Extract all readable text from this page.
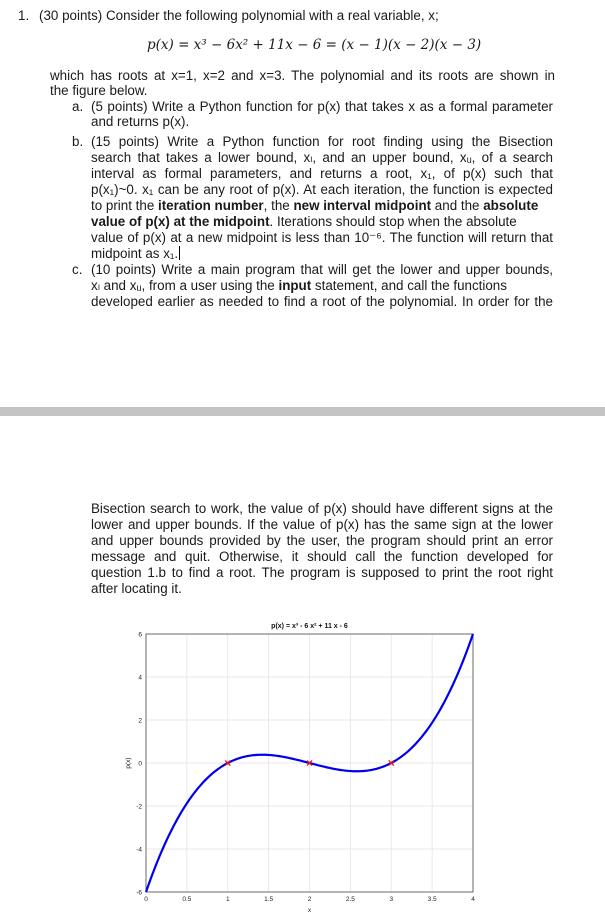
1. (30 points) Consider the following polynomial with a real variable, x;
p(x) = x³ − 6x² + 11x − 6 = (x − 1)(x − 2)(x − 3)
which has roots at x=1, x=2 and x=3. The polynomial and its roots are shown in
the figure below.
a. (5 points) Write a Python function for p(x) that takes x as a formal parameter
and returns p(x).
b. (15 points) Write a Python function for root finding using the Bisection
search that takes a lower bound, xₗ, and an upper bound, xᵤ, of a search
interval as formal parameters, and returns a root, x₁, of p(x) such that
p(x₁)~0. x₁ can be any root of p(x). At each iteration, the function is expected
to print the iteration number, the new interval midpoint and the absolute
value of p(x) at the midpoint. Iterations should stop when the absolute
value of p(x) at a new midpoint is less than 10⁻⁶. The function will return that
midpoint as x₁.
c. (10 points) Write a main program that will get the lower and upper bounds,
xₗ and xᵤ, from a user using the input statement, and call the functions
developed earlier as needed to find a root of the polynomial. In order for the
Bisection search to work, the value of p(x) should have different signs at the
lower and upper bounds. If the value of p(x) has the same sign at the lower
and upper bounds provided by the user, the program should print an error
message and quit. Otherwise, it should call the function developed for
question 1.b to find a root. The program is supposed to print the root right
after locating it.
0	0.5	1	1.5	2	2.5	3	3.5	4
-6
-4
-2
0
2
4
6
p(x) = x³ - 6 x² + 11 x - 6
x
p(x)
